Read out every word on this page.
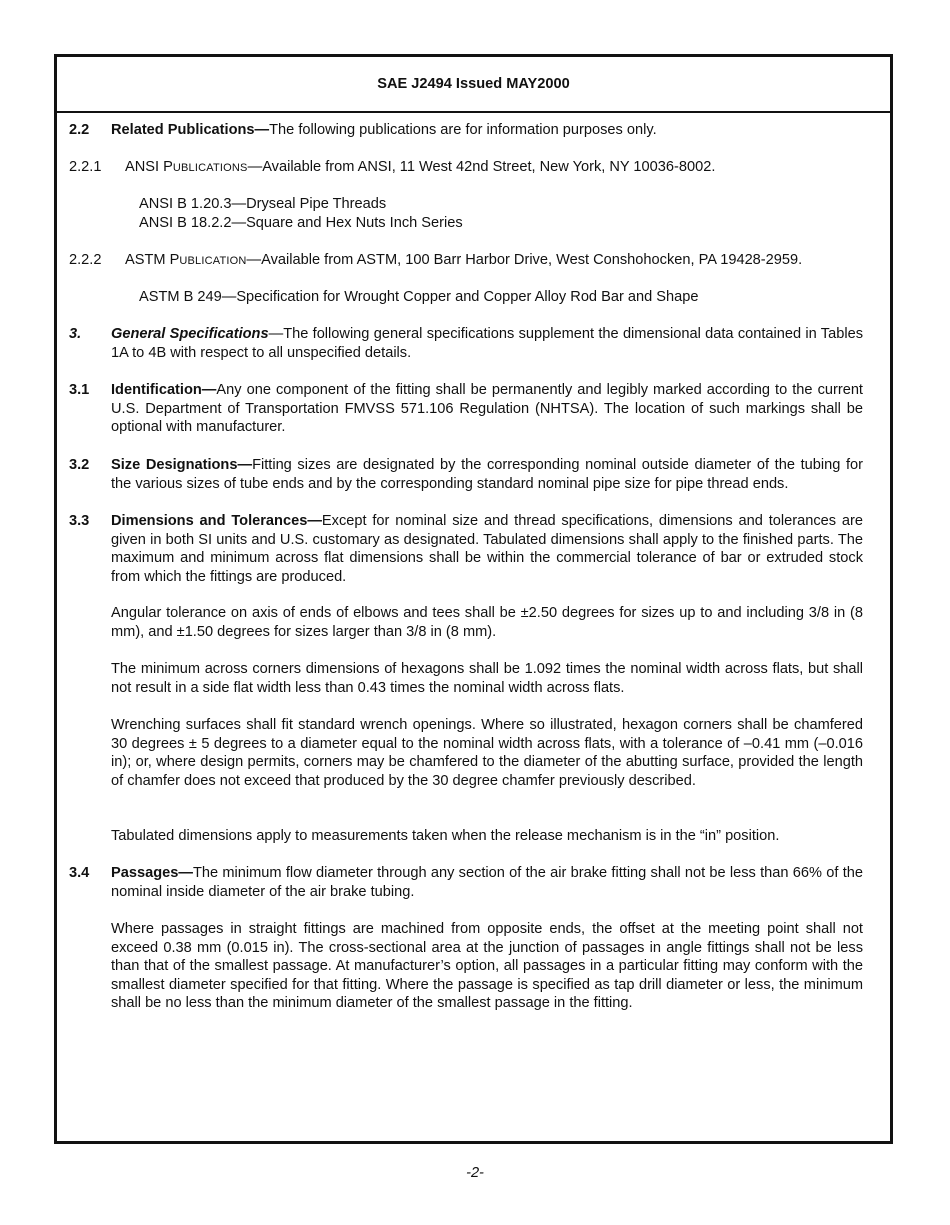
SAE J2494 Issued MAY2000
2.2 Related Publications—The following publications are for information purposes only.
2.2.1 ANSI PUBLICATIONS—Available from ANSI, 11 West 42nd Street, New York, NY 10036-8002.
ANSI B 1.20.3—Dryseal Pipe Threads
ANSI B 18.2.2—Square and Hex Nuts Inch Series
2.2.2 ASTM PUBLICATION—Available from ASTM, 100 Barr Harbor Drive, West Conshohocken, PA 19428-2959.
ASTM B 249—Specification for Wrought Copper and Copper Alloy Rod Bar and Shape
3. General Specifications—The following general specifications supplement the dimensional data contained in Tables 1A to 4B with respect to all unspecified details.
3.1 Identification—Any one component of the fitting shall be permanently and legibly marked according to the current U.S. Department of Transportation FMVSS 571.106 Regulation (NHTSA). The location of such markings shall be optional with manufacturer.
3.2 Size Designations—Fitting sizes are designated by the corresponding nominal outside diameter of the tubing for the various sizes of tube ends and by the corresponding standard nominal pipe size for pipe thread ends.
3.3 Dimensions and Tolerances—Except for nominal size and thread specifications, dimensions and tolerances are given in both SI units and U.S. customary as designated. Tabulated dimensions shall apply to the finished parts. The maximum and minimum across flat dimensions shall be within the commercial tolerance of bar or extruded stock from which the fittings are produced.
Angular tolerance on axis of ends of elbows and tees shall be ±2.50 degrees for sizes up to and including 3/8 in (8 mm), and ±1.50 degrees for sizes larger than 3/8 in (8 mm).
The minimum across corners dimensions of hexagons shall be 1.092 times the nominal width across flats, but shall not result in a side flat width less than 0.43 times the nominal width across flats.
Wrenching surfaces shall fit standard wrench openings. Where so illustrated, hexagon corners shall be chamfered 30 degrees ± 5 degrees to a diameter equal to the nominal width across flats, with a tolerance of –0.41 mm (–0.016 in); or, where design permits, corners may be chamfered to the diameter of the abutting surface, provided the length of chamfer does not exceed that produced by the 30 degree chamfer previously described.
Tabulated dimensions apply to measurements taken when the release mechanism is in the “in” position.
3.4 Passages—The minimum flow diameter through any section of the air brake fitting shall not be less than 66% of the nominal inside diameter of the air brake tubing.
Where passages in straight fittings are machined from opposite ends, the offset at the meeting point shall not exceed 0.38 mm (0.015 in). The cross-sectional area at the junction of passages in angle fittings shall not be less than that of the smallest passage. At manufacturer’s option, all passages in a particular fitting may conform with the smallest diameter specified for that fitting. Where the passage is specified as tap drill diameter or less, the minimum shall be no less than the minimum diameter of the smallest passage in the fitting.
-2-
